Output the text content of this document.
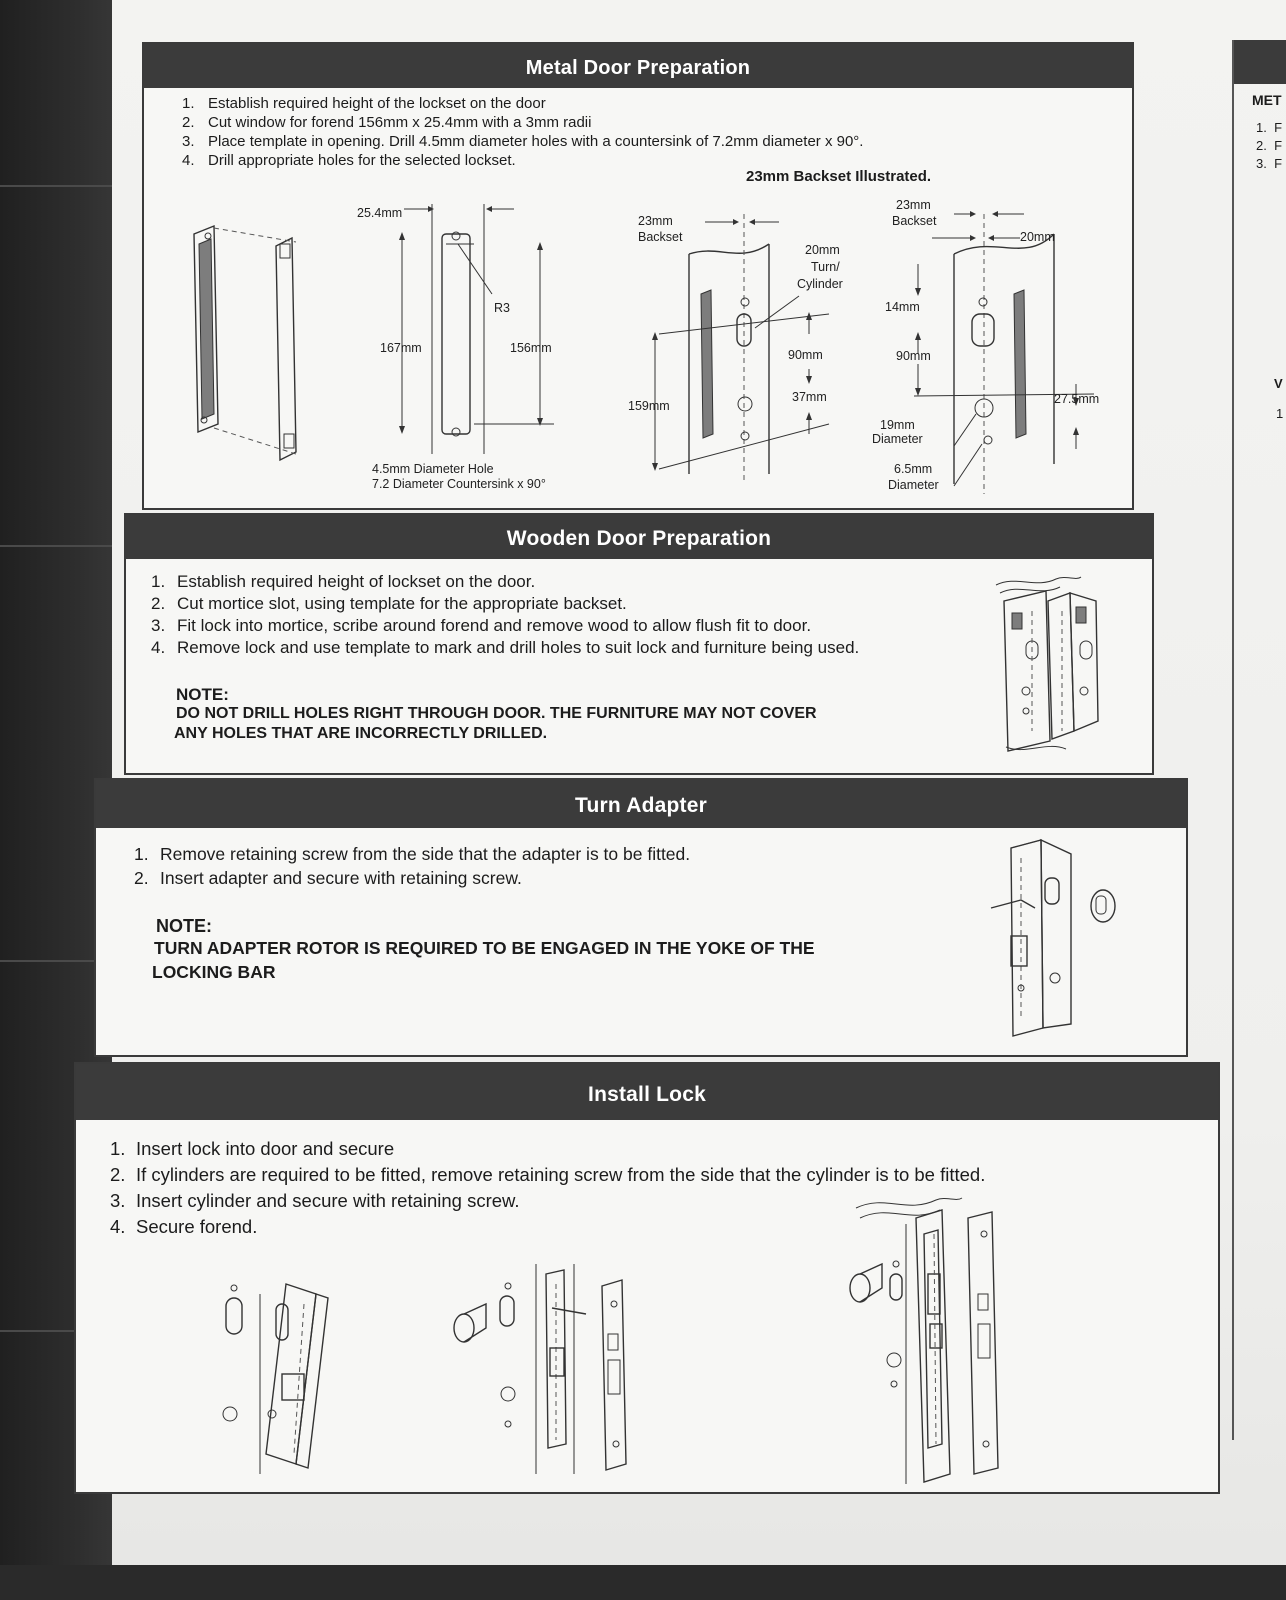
Metal Door Preparation
1. Establish required height of the lockset on the door
2. Cut window for forend 156mm x 25.4mm with a 3mm radii
3. Place template in opening. Drill 4.5mm diameter holes with a countersink of 7.2mm diameter x 90°.
4. Drill appropriate holes for the selected lockset.
23mm Backset Illustrated.
25.4mm
167mm	156mm
R3
4.5mm Diameter Hole
7.2 Diameter Countersink x 90°
23mm
Backset
20mm
Turn/
Cylinder
159mm
90mm
37mm
23mm
Backset
20mm
14mm
90mm
19mm
Diameter
27.5mm
6.5mm
Diameter
Wooden Door Preparation
1. Establish required height of lockset on the door.
2. Cut mortice slot, using template for the appropriate backset.
3. Fit lock into mortice, scribe around forend and remove wood to allow flush fit to door.
4. Remove lock and use template to mark and drill holes to suit lock and furniture being used.
NOTE:
DO NOT DRILL HOLES RIGHT THROUGH DOOR. THE FURNITURE MAY NOT COVER
ANY HOLES THAT ARE INCORRECTLY DRILLED.
Turn Adapter
1. Remove retaining screw from the side that the adapter is to be fitted.
2. Insert adapter and secure with retaining screw.
NOTE:
TURN ADAPTER ROTOR IS REQUIRED TO BE ENGAGED IN THE YOKE OF THE
LOCKING BAR
Install Lock
1. Insert lock into door and secure
2. If cylinders are required to be fitted, remove retaining screw from the side that the cylinder is to be fitted.
3. Insert cylinder and secure with retaining screw.
4. Secure forend.
MET
1.  F
2.  F
3.  F
V
1
